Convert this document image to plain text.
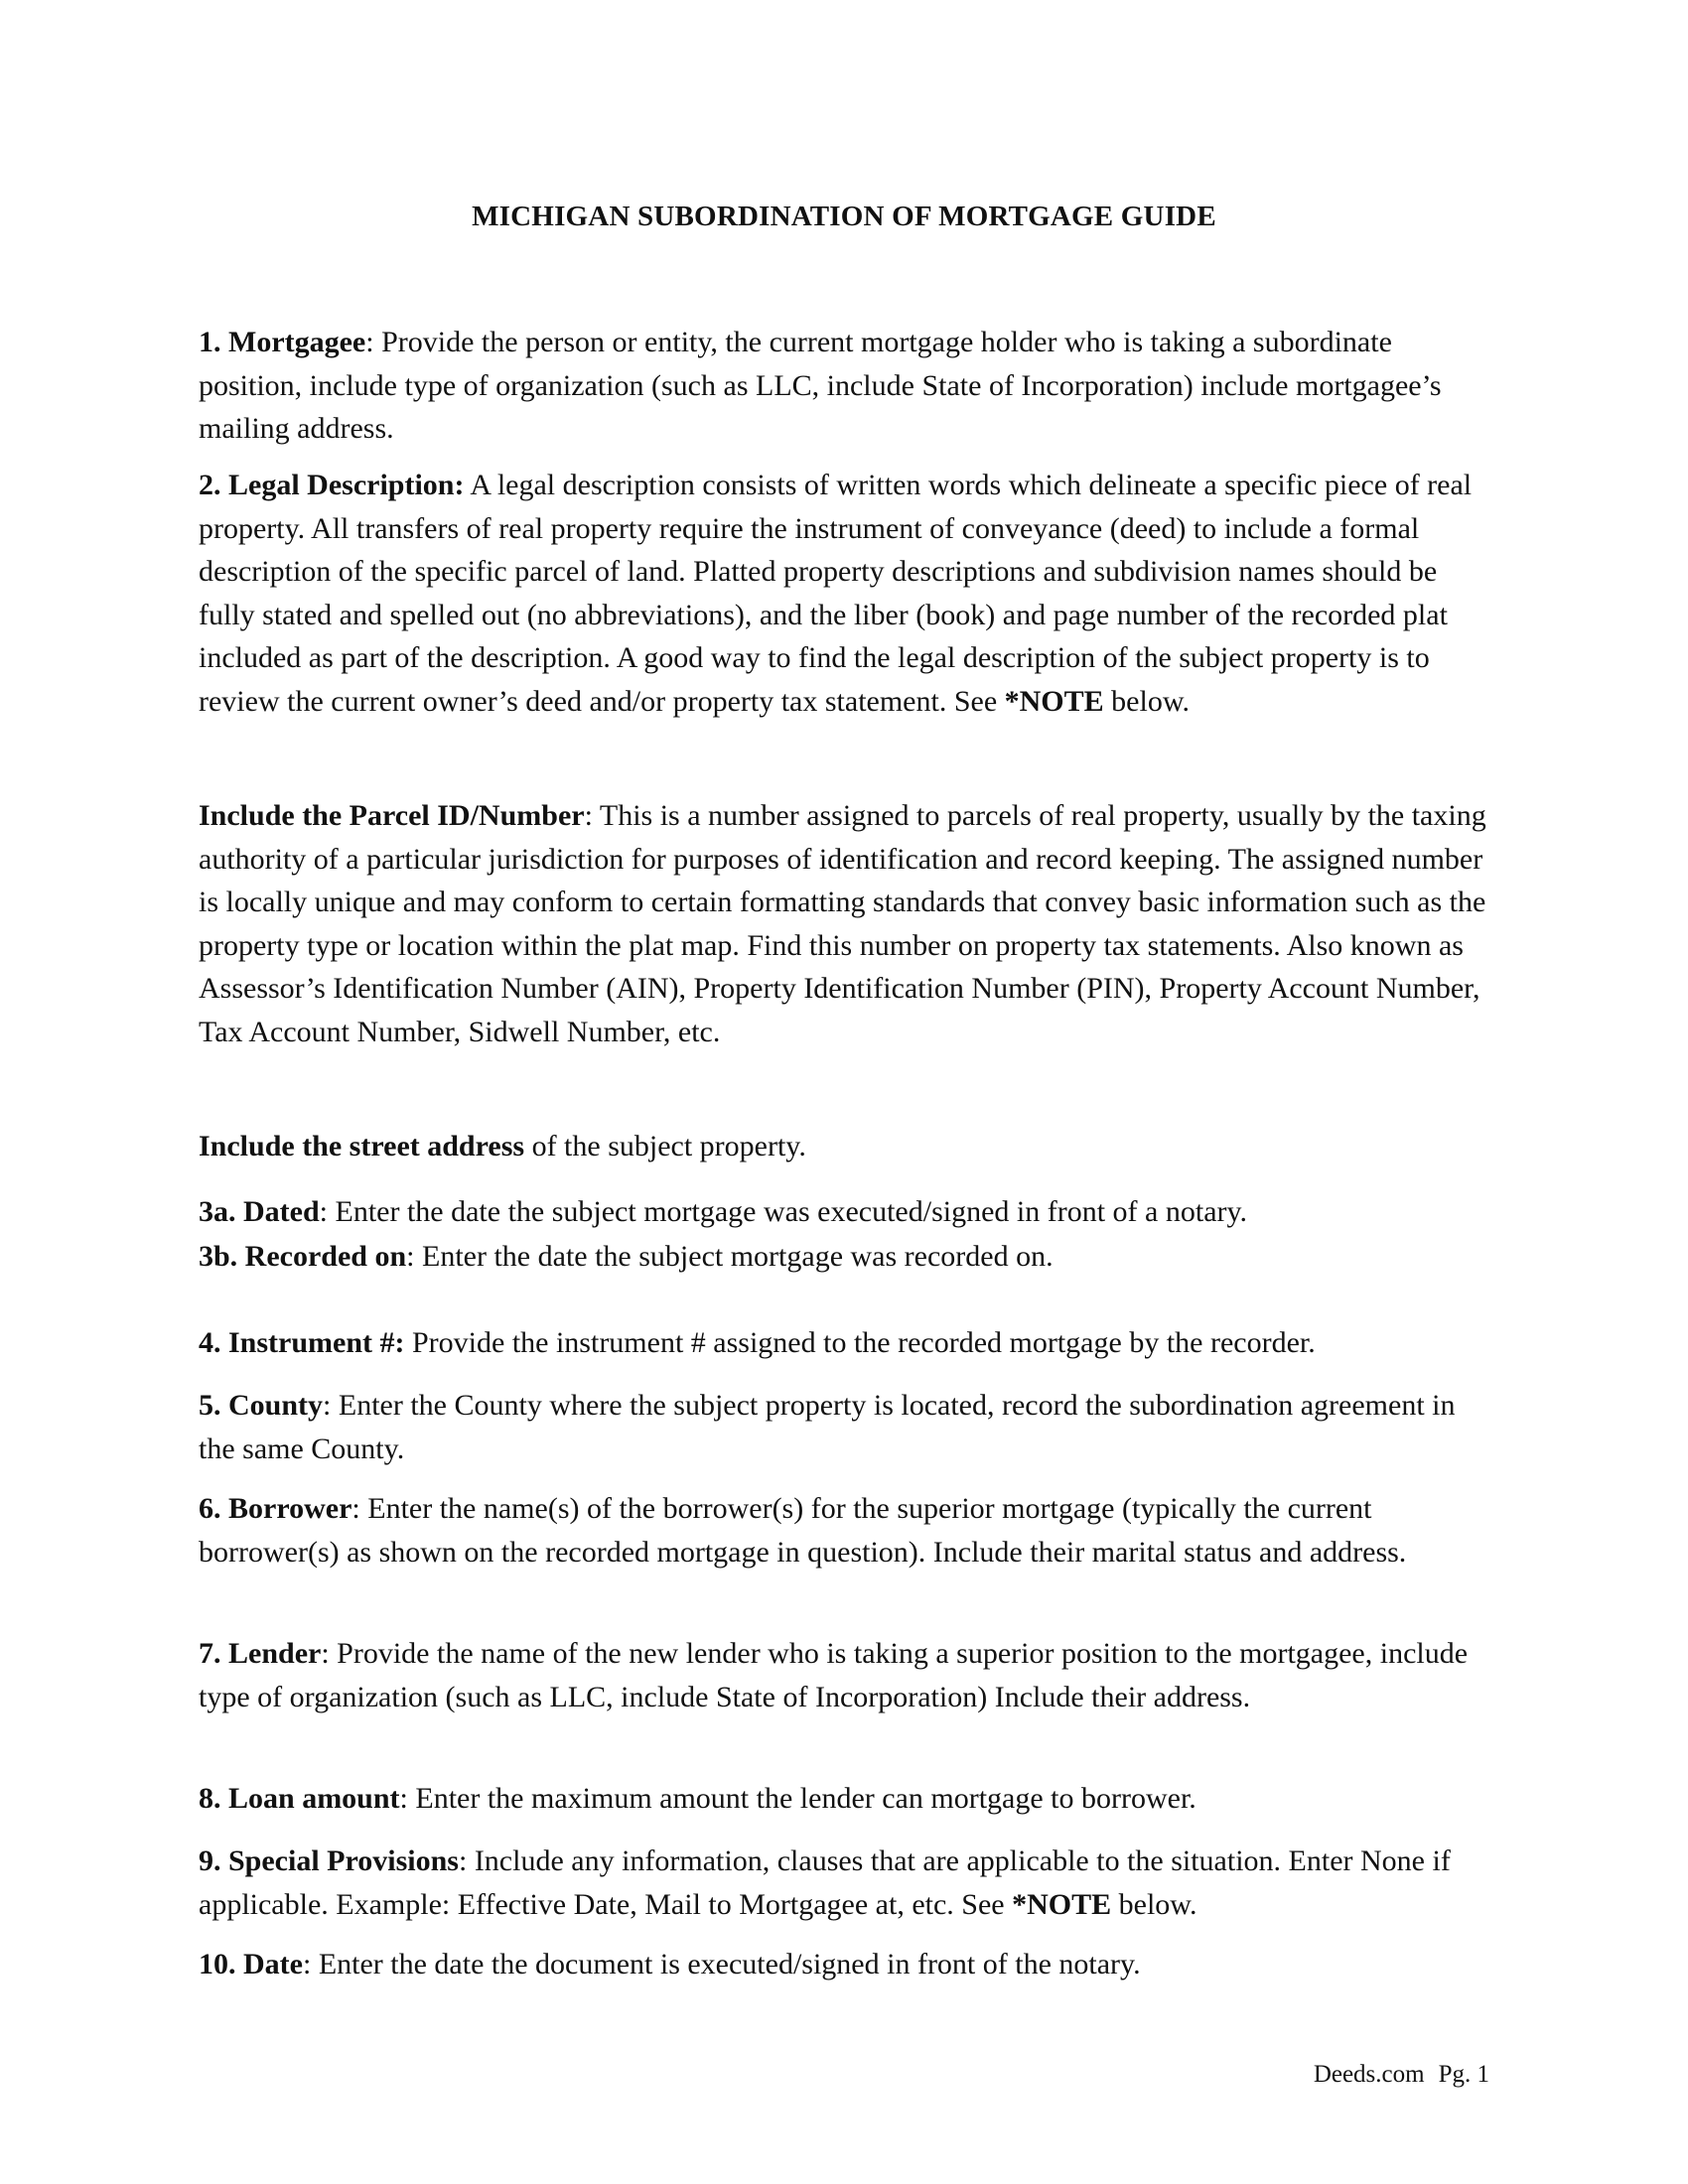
MICHIGAN SUBORDINATION OF MORTGAGE GUIDE
1. Mortgagee: Provide the person or entity, the current mortgage holder who is taking a subordinate position, include type of organization (such as LLC, include State of Incorporation) include mortgagee’s mailing address.
2. Legal Description: A legal description consists of written words which delineate a specific piece of real property. All transfers of real property require the instrument of conveyance (deed) to include a formal description of the specific parcel of land. Platted property descriptions and subdivision names should be fully stated and spelled out (no abbreviations), and the liber (book) and page number of the recorded plat included as part of the description. A good way to find the legal description of the subject property is to review the current owner’s deed and/or property tax statement. See *NOTE below.
Include the Parcel ID/Number: This is a number assigned to parcels of real property, usually by the taxing authority of a particular jurisdiction for purposes of identification and record keeping. The assigned number is locally unique and may conform to certain formatting standards that convey basic information such as the property type or location within the plat map. Find this number on property tax statements. Also known as Assessor’s Identification Number (AIN), Property Identification Number (PIN), Property Account Number, Tax Account Number, Sidwell Number, etc.
Include the street address of the subject property.
3a. Dated: Enter the date the subject mortgage was executed/signed in front of a notary.
3b. Recorded on: Enter the date the subject mortgage was recorded on.
4. Instrument #: Provide the instrument # assigned to the recorded mortgage by the recorder.
5. County: Enter the County where the subject property is located, record the subordination agreement in the same County.
6. Borrower: Enter the name(s) of the borrower(s) for the superior mortgage (typically the current borrower(s) as shown on the recorded mortgage in question). Include their marital status and address.
7. Lender: Provide the name of the new lender who is taking a superior position to the mortgagee, include type of organization (such as LLC, include State of Incorporation) Include their address.
8. Loan amount: Enter the maximum amount the lender can mortgage to borrower.
9. Special Provisions: Include any information, clauses that are applicable to the situation. Enter None if applicable. Example: Effective Date, Mail to Mortgagee at, etc. See *NOTE below.
10. Date: Enter the date the document is executed/signed in front of the notary.
Deeds.com Pg. 1
